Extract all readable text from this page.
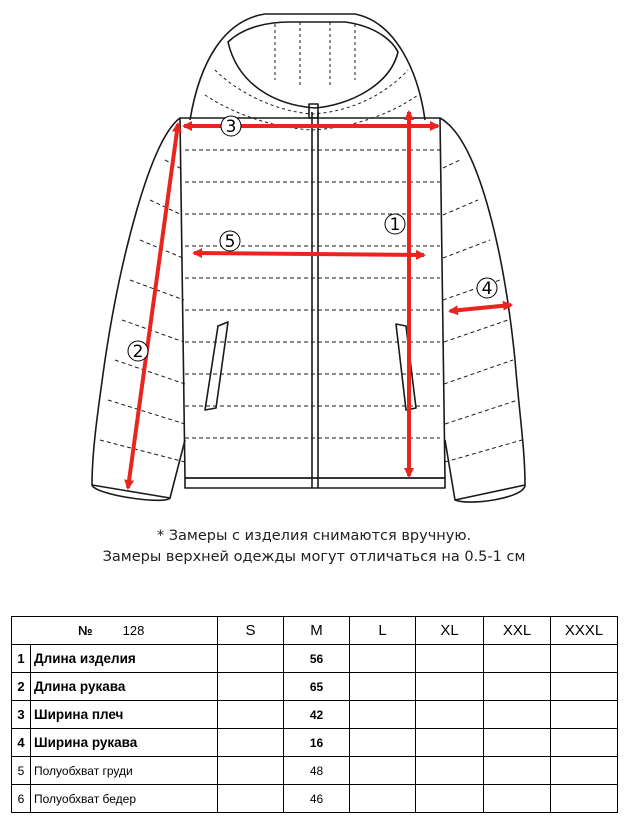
1
2
3
4
5
* Замеры с изделия снимаются вручную.
Замеры верхней одежды могут отличаться на 0.5-1 см
№ 128		S	M	L	XL	XXL	XXXL
1	Длина изделия		56				
2	Длина рукава		65				
3	Ширина плеч		42				
4	Ширина рукава		16				
5	Полуобхват груди		48				
6	Полуобхват бедер		46				
